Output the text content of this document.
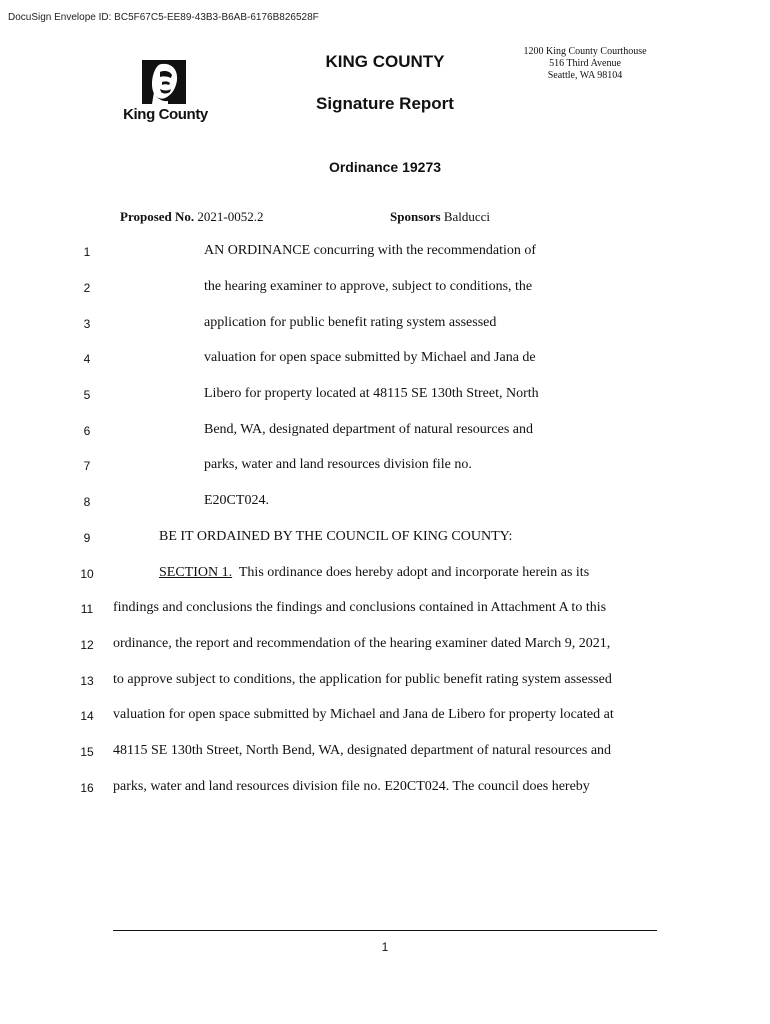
DocuSign Envelope ID: BC5F67C5-EE89-43B3-B6AB-6176B826528F
King County
KING COUNTY
Signature Report
1200 King County Courthouse
516 Third Avenue
Seattle, WA 98104
Ordinance 19273
Proposed No. 2021-0052.2	Sponsors Balducci
1	AN ORDINANCE concurring with the recommendation of
2	the hearing examiner to approve, subject to conditions, the
3	application for public benefit rating system assessed
4	valuation for open space submitted by Michael and Jana de
5	Libero for property located at 48115 SE 130th Street, North
6	Bend, WA, designated department of natural resources and
7	parks, water and land resources division file no.
8	E20CT024.
9	BE IT ORDAINED BY THE COUNCIL OF KING COUNTY:
10	SECTION 1.  This ordinance does hereby adopt and incorporate herein as its
11	findings and conclusions the findings and conclusions contained in Attachment A to this
12	ordinance, the report and recommendation of the hearing examiner dated March 9, 2021,
13	to approve subject to conditions, the application for public benefit rating system assessed
14	valuation for open space submitted by Michael and Jana de Libero for property located at
15	48115 SE 130th Street, North Bend, WA, designated department of natural resources and
16	parks, water and land resources division file no. E20CT024. The council does hereby
1
